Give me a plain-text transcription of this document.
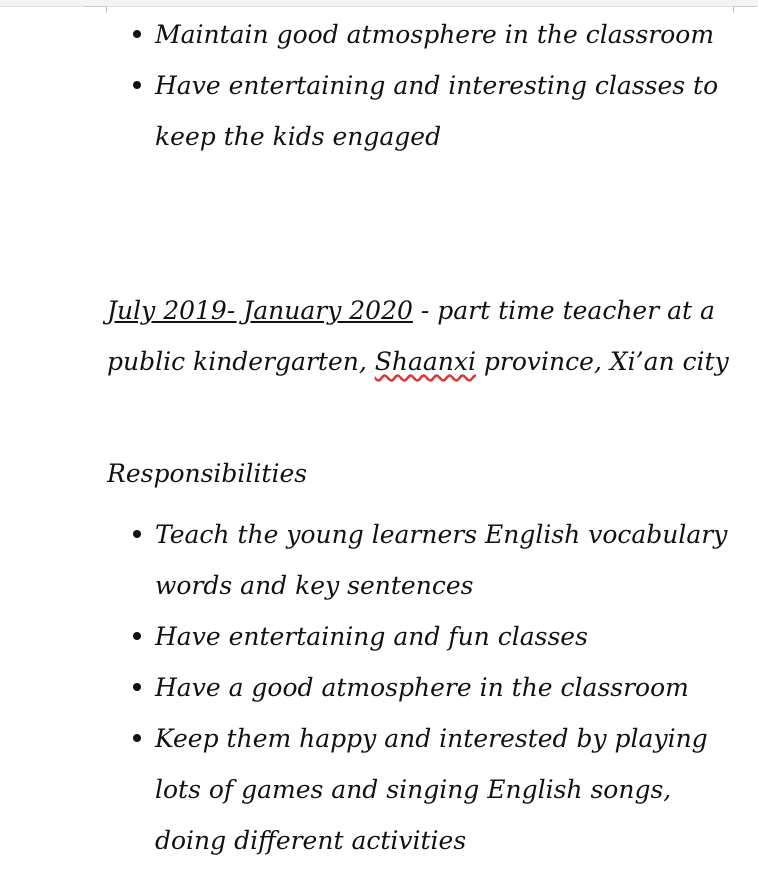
Maintain good atmosphere in the classroom
Have entertaining and interesting classes to keep the kids engaged

July 2019- January 2020 - part time teacher at a public kindergarten, Shaanxi province, Xi’an city

Responsibilities

Teach the young learners English vocabulary words and key sentences
Have entertaining and fun classes
Have a good atmosphere in the classroom
Keep them happy and interested by playing lots of games and singing English songs, doing different activities
